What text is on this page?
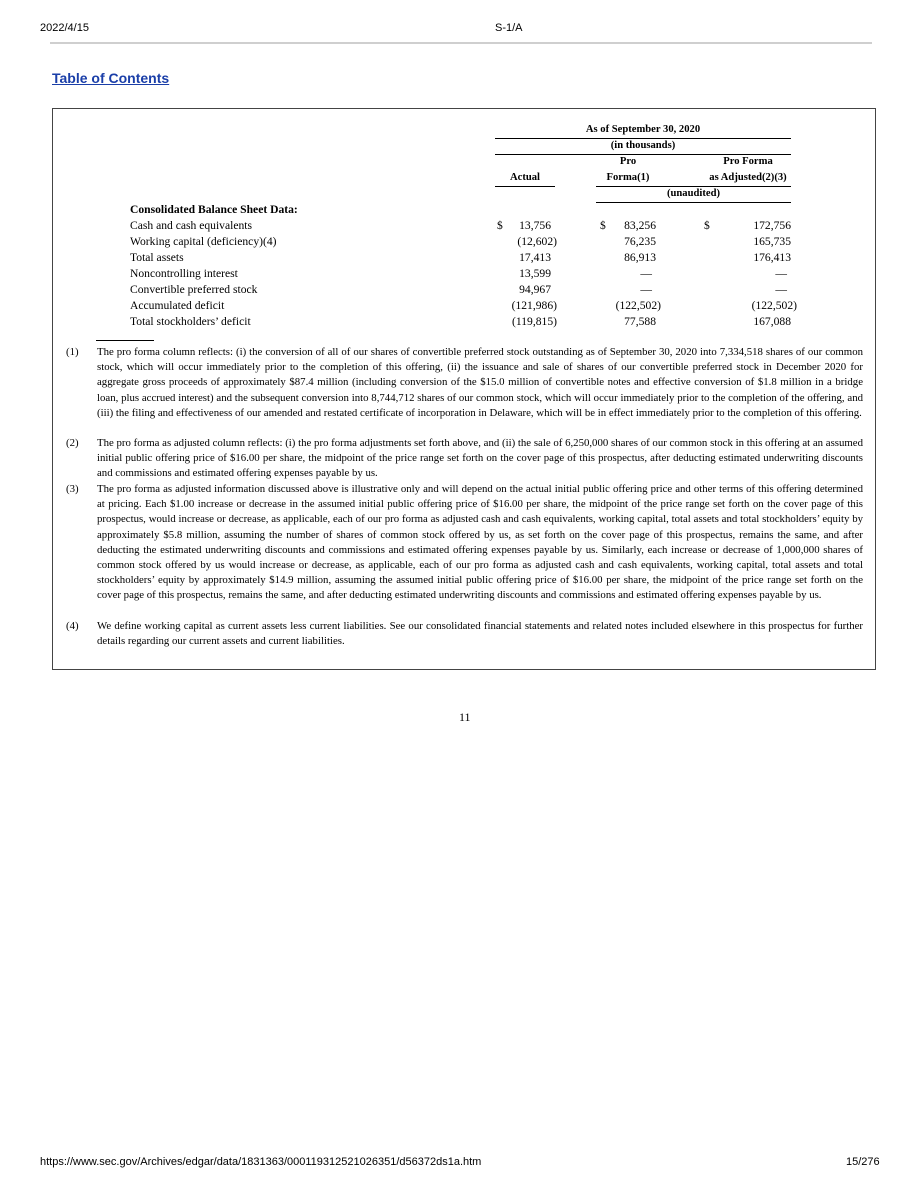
2022/4/15	S-1/A
Table of Contents
As of September 30, 2020
(in thousands)
Pro	Pro Forma
Actual	Forma(1)	as Adjusted(2)(3)
(unaudited)
Consolidated Balance Sheet Data:
Cash and cash equivalents	$	13,756	$	83,256	$	172,756
Working capital (deficiency)(4)	(12,602)	76,235	165,735
Total assets	17,413	86,913	176,413
Noncontrolling interest	13,599	—	—
Convertible preferred stock	94,967	—	—
Accumulated deficit	(121,986)	(122,502)	(122,502)
Total stockholders’ deficit	(119,815)	77,588	167,088
(1) The pro forma column reflects: (i) the conversion of all of our shares of convertible preferred stock outstanding as of September 30, 2020 into 7,334,518 shares of our common stock, which will occur immediately prior to the completion of this offering, (ii) the issuance and sale of shares of our convertible preferred stock in December 2020 for aggregate gross proceeds of approximately $87.4 million (including conversion of the $15.0 million of convertible notes and effective conversion of $1.8 million in a bridge loan, plus accrued interest) and the subsequent conversion into 8,744,712 shares of our common stock, which will occur immediately prior to the completion of the offering, and (iii) the filing and effectiveness of our amended and restated certificate of incorporation in Delaware, which will be in effect immediately prior to the completion of this offering.
(2) The pro forma as adjusted column reflects: (i) the pro forma adjustments set forth above, and (ii) the sale of 6,250,000 shares of our common stock in this offering at an assumed initial public offering price of $16.00 per share, the midpoint of the price range set forth on the cover page of this prospectus, after deducting estimated underwriting discounts and commissions and estimated offering expenses payable by us.
(3) The pro forma as adjusted information discussed above is illustrative only and will depend on the actual initial public offering price and other terms of this offering determined at pricing. Each $1.00 increase or decrease in the assumed initial public offering price of $16.00 per share, the midpoint of the price range set forth on the cover page of this prospectus, would increase or decrease, as applicable, each of our pro forma as adjusted cash and cash equivalents, working capital, total assets and total stockholders’ equity by approximately $5.8 million, assuming the number of shares of common stock offered by us, as set forth on the cover page of this prospectus, remains the same, and after deducting the estimated underwriting discounts and commissions and estimated offering expenses payable by us. Similarly, each increase or decrease of 1,000,000 shares of common stock offered by us would increase or decrease, as applicable, each of our pro forma as adjusted cash and cash equivalents, working capital, total assets and total stockholders’ equity by approximately $14.9 million, assuming the assumed initial public offering price of $16.00 per share, the midpoint of the price range set forth on the cover page of this prospectus, remains the same, and after deducting estimated underwriting discounts and commissions and estimated offering expenses payable by us.
(4) We define working capital as current assets less current liabilities. See our consolidated financial statements and related notes included elsewhere in this prospectus for further details regarding our current assets and current liabilities.
11
https://www.sec.gov/Archives/edgar/data/1831363/000119312521026351/d56372ds1a.htm	15/276
